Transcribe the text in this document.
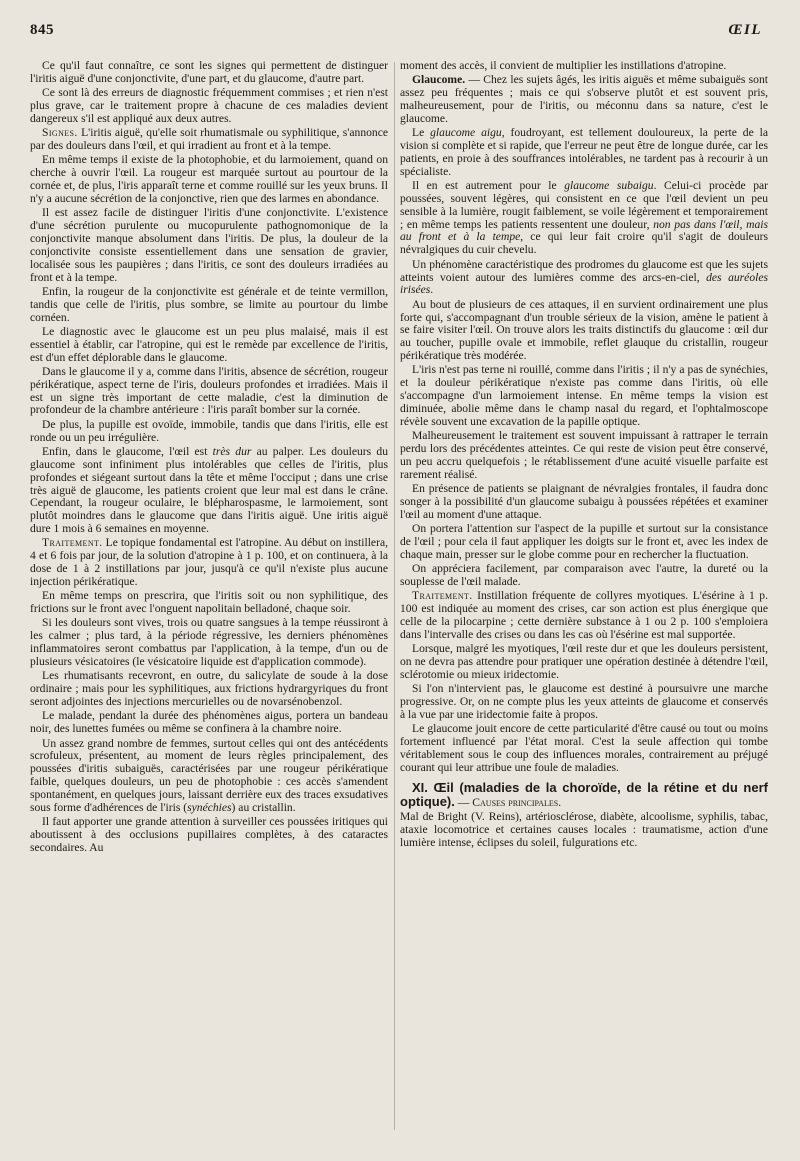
845	ŒIL

Ce qu'il faut connaître, ce sont les signes qui permettent de distinguer l'iritis aiguë d'une conjonctivite, d'une part, et du glaucome, d'autre part.

Ce sont là des erreurs de diagnostic fréquemment commises ; et rien n'est plus grave, car le traitement propre à chacune de ces maladies devient dangereux s'il est appliqué aux deux autres.

Signes. L'iritis aiguë, qu'elle soit rhumatismale ou syphilitique, s'annonce par des douleurs dans l'œil, et qui irradient au front et à la tempe.

En même temps il existe de la photophobie, et du larmoiement, quand on cherche à ouvrir l'œil. La rougeur est marquée surtout au pourtour de la cornée et, de plus, l'iris apparaît terne et comme rouillé sur les yeux bruns. Il n'y a aucune sécrétion de la conjonctive, rien que des larmes en abondance.

Il est assez facile de distinguer l'iritis d'une conjonctivite. L'existence d'une sécrétion purulente ou mucopurulente pathognomonique de la conjonctivite manque absolument dans l'iritis. De plus, la douleur de la conjonctivite consiste essentiellement dans une sensation de gravier, localisée sous les paupières ; dans l'iritis, ce sont des douleurs irradiées au front et à la tempe.

Enfin, la rougeur de la conjonctivite est générale et de teinte vermillon, tandis que celle de l'iritis, plus sombre, se limite au pourtour du limbe cornéen.

Le diagnostic avec le glaucome est un peu plus malaisé, mais il est essentiel à établir, car l'atropine, qui est le remède par excellence de l'iritis, est d'un effet déplorable dans le glaucome.

Dans le glaucome il y a, comme dans l'iritis, absence de sécrétion, rougeur périkératique, aspect terne de l'iris, douleurs profondes et irradiées. Mais il est un signe très important de cette maladie, c'est la diminution de profondeur de la chambre antérieure : l'iris paraît bomber sur la cornée.

De plus, la pupille est ovoïde, immobile, tandis que dans l'iritis, elle est ronde ou un peu irrégulière.

Enfin, dans le glaucome, l'œil est très dur au palper. Les douleurs du glaucome sont infiniment plus intolérables que celles de l'iritis, plus profondes et siégeant surtout dans la tête et même l'occiput ; dans une crise très aiguë de glaucome, les patients croient que leur mal est dans le crâne. Cependant, la rougeur oculaire, le blépharospasme, le larmoiement, sont plutôt moindres dans le glaucome que dans l'iritis aiguë. Une iritis aiguë dure 1 mois à 6 semaines en moyenne.

Traitement. Le topique fondamental est l'atropine. Au début on instillera, 4 et 6 fois par jour, de la solution d'atropine à 1 p. 100, et on continuera, à la dose de 1 à 2 instillations par jour, jusqu'à ce qu'il n'existe plus aucune injection périkératique.

En même temps on prescrira, que l'iritis soit ou non syphilitique, des frictions sur le front avec l'onguent napolitain belladoné, chaque soir.

Si les douleurs sont vives, trois ou quatre sangsues à la tempe réussiront à les calmer ; plus tard, à la période régressive, les derniers phénomènes inflammatoires seront combattus par l'application, à la tempe, d'un ou de plusieurs vésicatoires (le vésicatoire liquide est d'application commode).

Les rhumatisants recevront, en outre, du salicylate de soude à la dose ordinaire ; mais pour les syphilitiques, aux frictions hydrargyriques du front seront adjointes des injections mercurielles ou de novarsénobenzol.

Le malade, pendant la durée des phénomènes aigus, portera un bandeau noir, des lunettes fumées ou même se confinera à la chambre noire.

Un assez grand nombre de femmes, surtout celles qui ont des antécédents scrofuleux, présentent, au moment de leurs règles principalement, des poussées d'iritis subaiguës, caractérisées par une rougeur périkératique faible, quelques douleurs, un peu de photophobie : ces accès s'amendent spontanément, en quelques jours, laissant derrière eux des traces exsudatives sous forme d'adhérences de l'iris (synéchies) au cristallin.

Il faut apporter une grande attention à surveiller ces poussées iritiques qui aboutissent à des occlusions pupillaires complètes, à des cataractes secondaires. Au

moment des accès, il convient de multiplier les instillations d'atropine.

Glaucome. — Chez les sujets âgés, les iritis aiguës et même subaiguës sont assez peu fréquentes ; mais ce qui s'observe plutôt et est souvent pris, malheureusement, pour de l'iritis, ou méconnu dans sa nature, c'est le glaucome.

Le glaucome aigu, foudroyant, est tellement douloureux, la perte de la vision si complète et si rapide, que l'erreur ne peut être de longue durée, car les patients, en proie à des souffrances intolérables, ne tardent pas à recourir à un spécialiste.

Il en est autrement pour le glaucome subaigu. Celui-ci procède par poussées, souvent légères, qui consistent en ce que l'œil devient un peu sensible à la lumière, rougit faiblement, se voile légèrement et temporairement ; en même temps les patients ressentent une douleur, non pas dans l'œil, mais au front et à la tempe, ce qui leur fait croire qu'il s'agit de douleurs névralgiques du cuir chevelu.

Un phénomène caractéristique des prodromes du glaucome est que les sujets atteints voient autour des lumières comme des arcs-en-ciel, des auréoles irisées.

Au bout de plusieurs de ces attaques, il en survient ordinairement une plus forte qui, s'accompagnant d'un trouble sérieux de la vision, amène le patient à se faire visiter l'œil. On trouve alors les traits distinctifs du glaucome : œil dur au toucher, pupille ovale et immobile, reflet glauque du cristallin, rougeur périkératique très modérée.

L'iris n'est pas terne ni rouillé, comme dans l'iritis ; il n'y a pas de synéchies, et la douleur périkératique n'existe pas comme dans l'iritis, où elle s'accompagne d'un larmoiement intense. En même temps la vision est diminuée, abolie même dans le champ nasal du regard, et l'ophtalmoscope révèle souvent une excavation de la papille optique.

Malheureusement le traitement est souvent impuissant à rattraper le terrain perdu lors des précédentes atteintes. Ce qui reste de vision peut être conservé, un peu accru quelquefois ; le rétablissement d'une acuité visuelle parfaite est rarement réalisé.

En présence de patients se plaignant de névralgies frontales, il faudra donc songer à la possibilité d'un glaucome subaigu à poussées répétées et examiner l'œil au moment d'une attaque.

On portera l'attention sur l'aspect de la pupille et surtout sur la consistance de l'œil ; pour cela il faut appliquer les doigts sur le front et, avec les index de chaque main, presser sur le globe comme pour en rechercher la fluctuation.

On appréciera facilement, par comparaison avec l'autre, la dureté ou la souplesse de l'œil malade.

Traitement. Instillation fréquente de collyres myotiques. L'ésérine à 1 p. 100 est indiquée au moment des crises, car son action est plus énergique que celle de la pilocarpine ; cette dernière substance à 1 ou 2 p. 100 s'emploiera dans l'intervalle des crises ou dans les cas où l'ésérine est mal supportée.

Lorsque, malgré les myotiques, l'œil reste dur et que les douleurs persistent, on ne devra pas attendre pour pratiquer une opération destinée à détendre l'œil, sclérotomie ou mieux iridectomie.

Si l'on n'intervient pas, le glaucome est destiné à poursuivre une marche progressive. Or, on ne compte plus les yeux atteints de glaucome et conservés à la vue par une iridectomie faite à propos.

Le glaucome jouit encore de cette particularité d'être causé ou tout ou moins fortement influencé par l'état moral. C'est la seule affection qui tombe véritablement sous le coup des influences morales, contrairement au préjugé courant qui leur attribue une foule de maladies.

XI. Œil (maladies de la choroïde, de la rétine et du nerf optique). — Causes principales.

Mal de Bright (V. Reins), artériosclérose, diabète, alcoolisme, syphilis, tabac, ataxie locomotrice et certaines causes locales : traumatisme, action d'une lumière intense, éclipses du soleil, fulgurations etc.
